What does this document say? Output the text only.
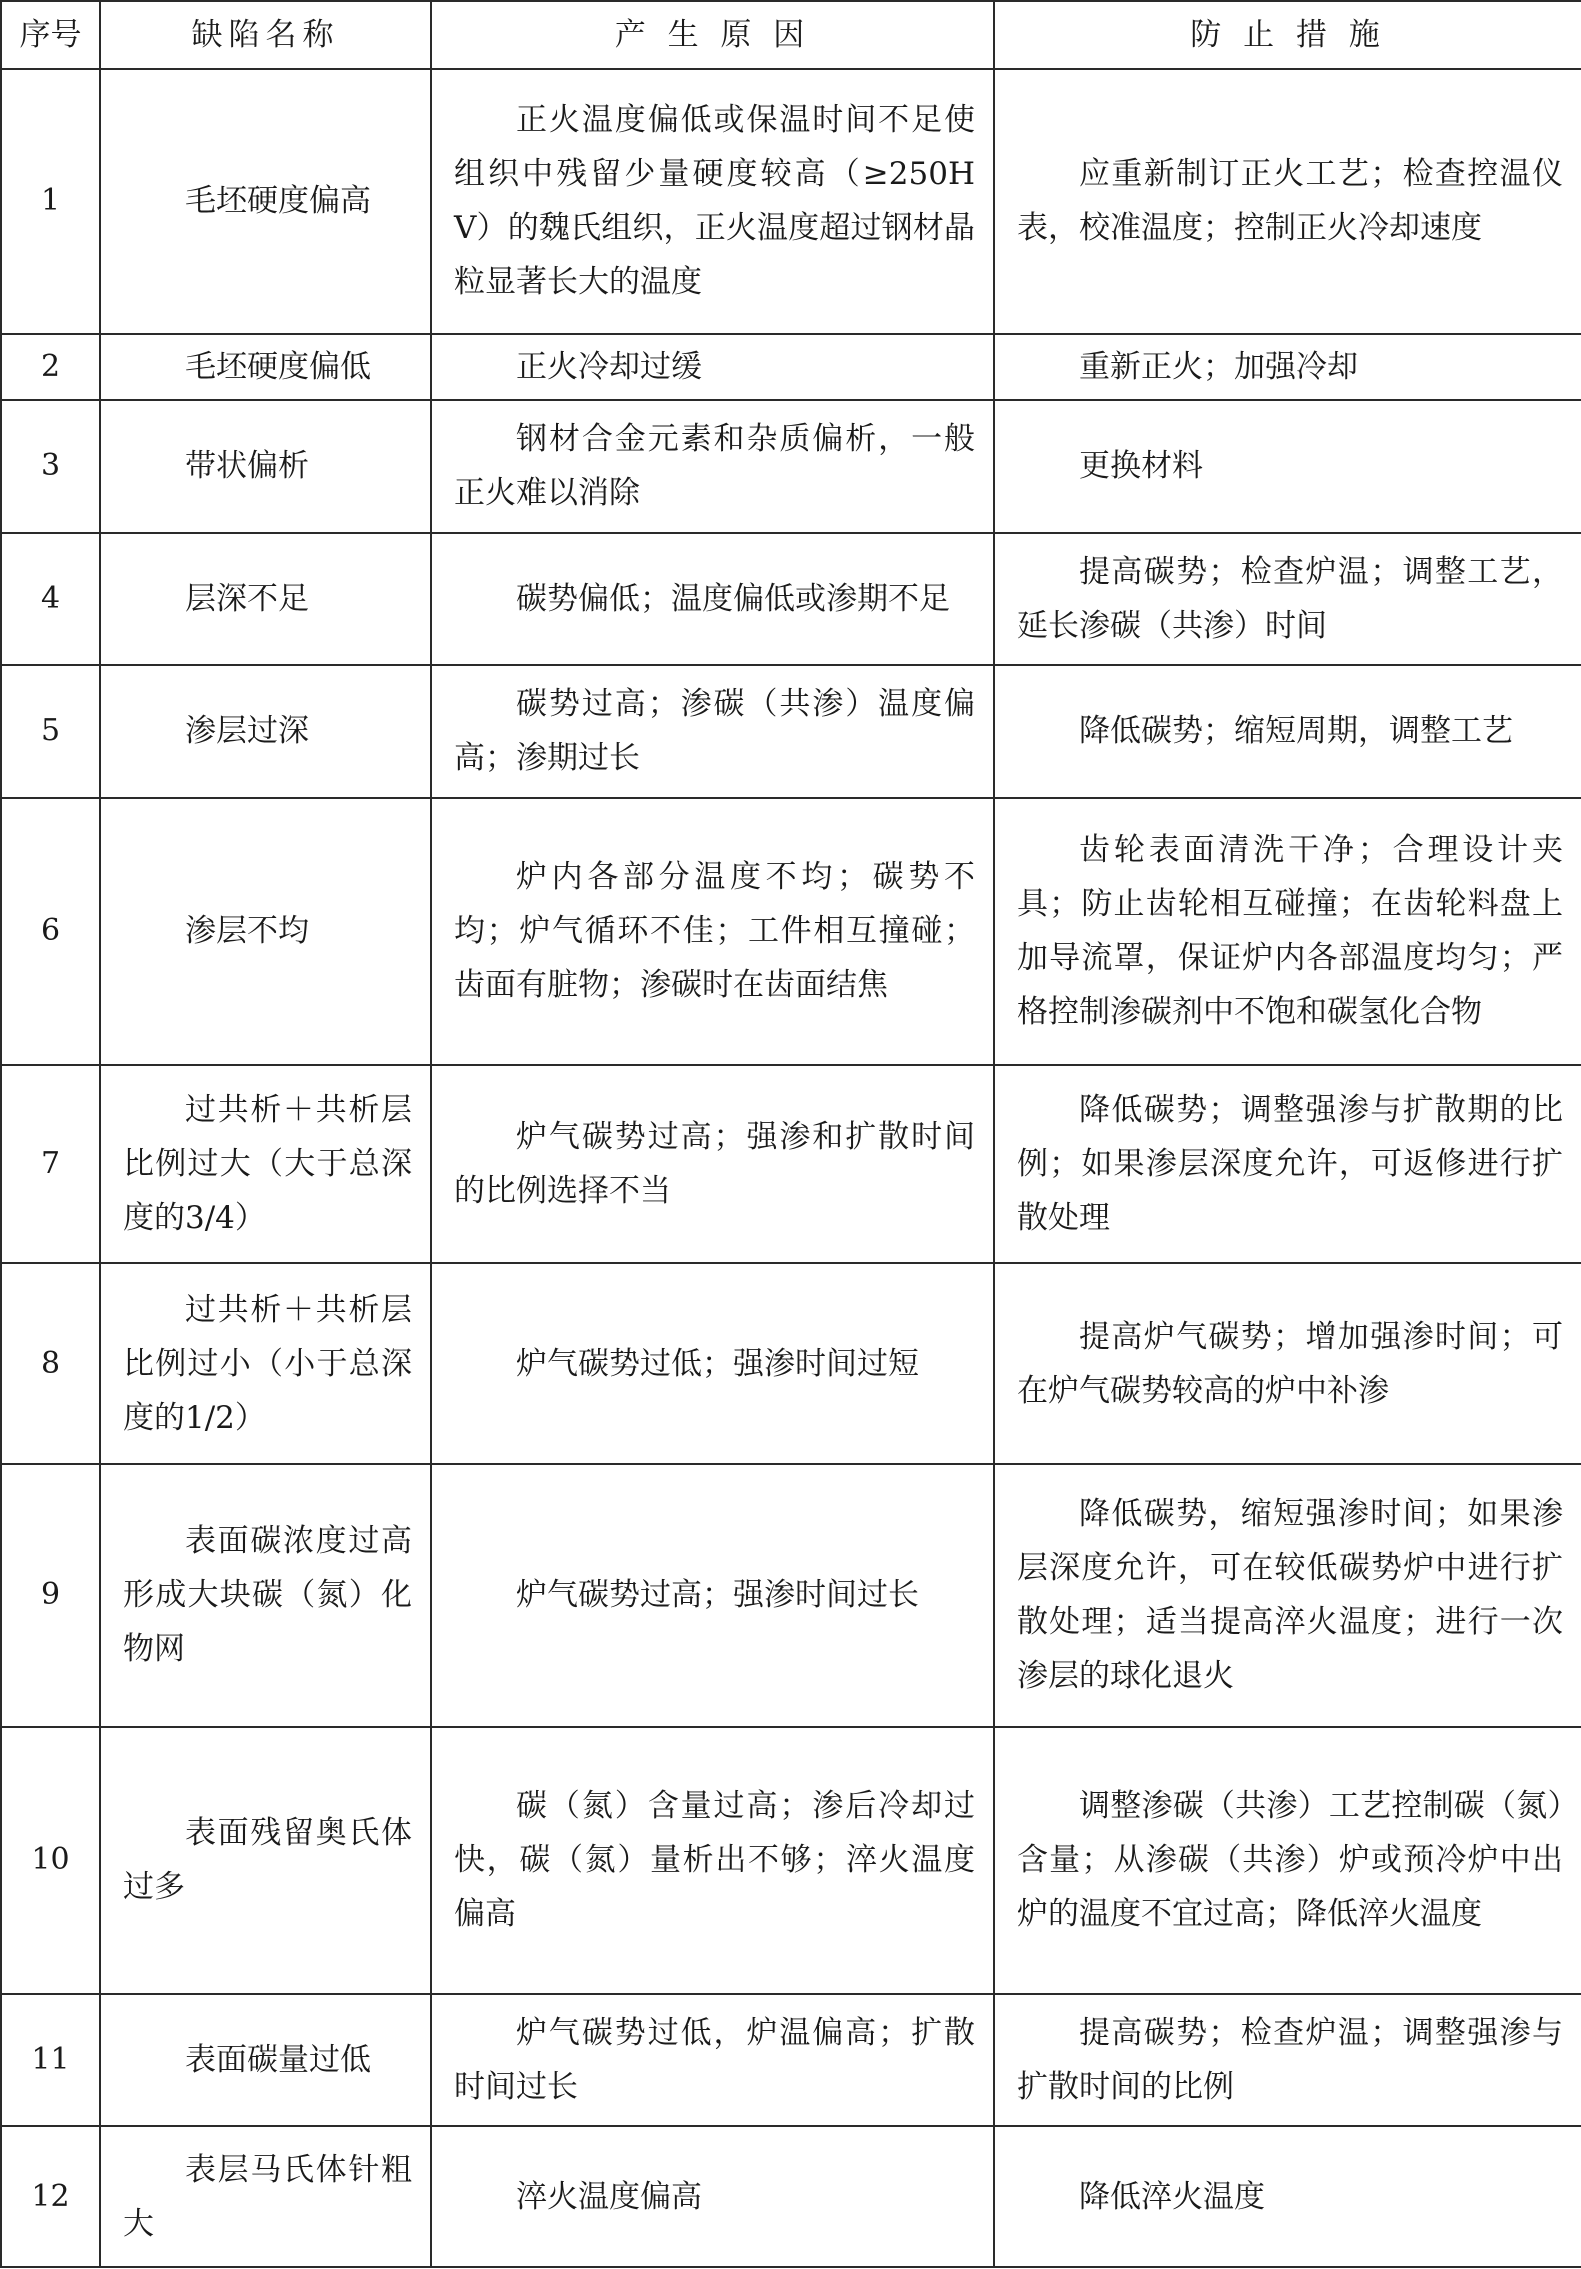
序号	缺陷名称	产 生 原 因	防 止 措 施
1	毛坯硬度偏高	正火温度偏低或保温时间不足使组织中残留少量硬度较高（≥250HV）的魏氏组织，正火温度超过钢材晶粒显著长大的温度	应重新制订正火工艺；检查控温仪表，校准温度；控制正火冷却速度
2	毛坯硬度偏低	正火冷却过缓	重新正火；加强冷却
3	带状偏析	钢材合金元素和杂质偏析，一般正火难以消除	更换材料
4	层深不足	碳势偏低；温度偏低或渗期不足	提高碳势；检查炉温；调整工艺，延长渗碳（共渗）时间
5	渗层过深	碳势过高；渗碳（共渗）温度偏高；渗期过长	降低碳势；缩短周期，调整工艺
6	渗层不均	炉内各部分温度不均；碳势不均；炉气循环不佳；工件相互撞碰；齿面有脏物；渗碳时在齿面结焦	齿轮表面清洗干净；合理设计夹具；防止齿轮相互碰撞；在齿轮料盘上加导流罩，保证炉内各部温度均匀；严格控制渗碳剂中不饱和碳氢化合物
7	过共析＋共析层比例过大（大于总深度的3/4）	炉气碳势过高；强渗和扩散时间的比例选择不当	降低碳势；调整强渗与扩散期的比例；如果渗层深度允许，可返修进行扩散处理
8	过共析＋共析层比例过小（小于总深度的1/2）	炉气碳势过低；强渗时间过短	提高炉气碳势；增加强渗时间；可在炉气碳势较高的炉中补渗
9	表面碳浓度过高形成大块碳（氮）化物网	炉气碳势过高；强渗时间过长	降低碳势，缩短强渗时间；如果渗层深度允许，可在较低碳势炉中进行扩散处理；适当提高淬火温度；进行一次渗层的球化退火
10	表面残留奥氏体过多	碳（氮）含量过高；渗后冷却过快，碳（氮）量析出不够；淬火温度偏高	调整渗碳（共渗）工艺控制碳（氮）含量；从渗碳（共渗）炉或预冷炉中出炉的温度不宜过高；降低淬火温度
11	表面碳量过低	炉气碳势过低，炉温偏高；扩散时间过长	提高碳势；检查炉温；调整强渗与扩散时间的比例
12	表层马氏体针粗大	淬火温度偏高	降低淬火温度
